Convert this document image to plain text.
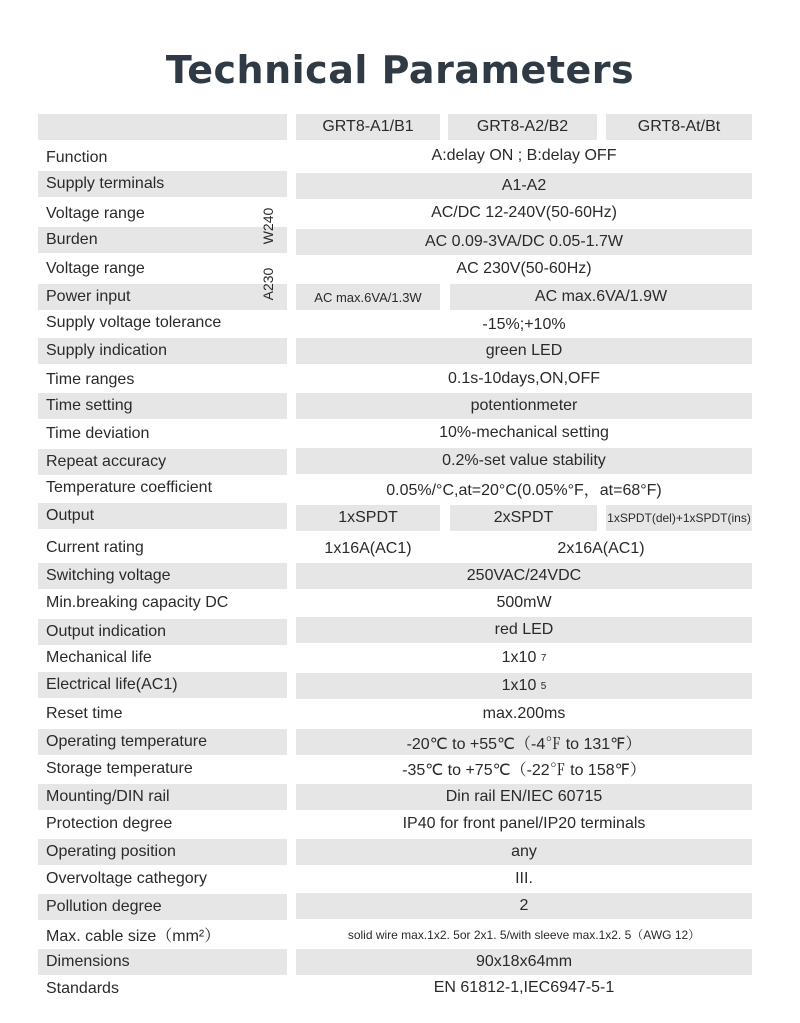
Technical Parameters
GRT8-A1/B1	GRT8-A2/B2	GRT8-At/Bt
Function	A:delay ON ; B:delay OFF
Supply terminals	A1-A2
Voltage range	AC/DC 12-240V(50-60Hz)
Burden	AC 0.09-3VA/DC 0.05-1.7W
W240
Voltage range	AC 230V(50-60Hz)
Power input	AC max.6VA/1.3W	AC max.6VA/1.9W
A230
Supply voltage tolerance	-15%;+10%
Supply indication	green LED
Time ranges	0.1s-10days,ON,OFF
Time setting	potentionmeter
Time deviation	10%-mechanical setting
Repeat accuracy	0.2%-set value stability
Temperature coefficient	0.05%/°C,at=20°C(0.05%°F，at=68°F)
Output	1xSPDT	2xSPDT	1xSPDT(del)+1xSPDT(ins)
Current rating	1x16A(AC1)	2x16A(AC1)
Switching voltage	250VAC/24VDC
Min.breaking capacity DC	500mW
Output indication	red LED
Mechanical life	1x10
7
Electrical life(AC1)	1x10
5
Reset time	max.200ms
Operating temperature	-20℃ to +55℃（-4℉ to 131℉）
Storage temperature	-35℃ to +75℃（-22℉ to 158℉）
Mounting/DIN rail	Din rail EN/IEC 60715
Protection degree	IP40 for front panel/IP20 terminals
Operating position	any
Overvoltage cathegory	III.
Pollution degree	2
Max. cable size（mm²）	solid wire max.1x2. 5or 2x1. 5/with sleeve max.1x2. 5（AWG 12）
Dimensions	90x18x64mm
Standards	EN 61812-1,IEC6947-5-1
